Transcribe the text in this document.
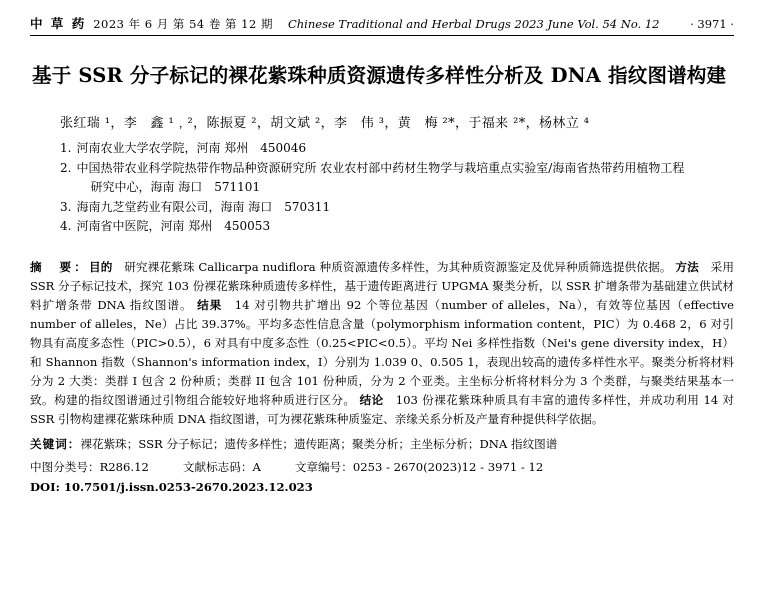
中 草 药 2023 年 6 月 第 54 卷 第 12 期 Chinese Traditional and Herbal Drugs 2023 June Vol. 54 No. 12	· 3971 ·
基于 SSR 分子标记的裸花紫珠种质资源遗传多样性分析及 DNA 指纹图谱构建
张红瑞 ¹，李　鑫 ¹﹐²，陈振夏 ²，胡文斌 ²，李　伟 ³，黄　梅 ²*，于福来 ²*，杨林立 ⁴
1. 河南农业大学农学院，河南 郑州　450046
2. 中国热带农业科学院热带作物品种资源研究所 农业农村部中药材生物学与栽培重点实验室/海南省热带药用植物工程
研究中心，海南 海口　571101
3. 海南九芝堂药业有限公司，海南 海口　570311
4. 河南省中医院，河南 郑州　450053
摘　要：目的　 研究裸花紫珠 Callicarpa nudiflora 种质资源遗传多样性，为其种质资源鉴定及优异种质筛选提供依据。 方法　 采用 SSR 分子标记技术，探究 103 份裸花紫珠种质遗传多样性，基于遗传距离进行 UPGMA 聚类分析，以 SSR 扩增条带为基础建立供试材料扩增条带 DNA 指纹图谱。 结果　 14 对引物共扩增出 92 个等位基因（number of alleles，Na），有效等位基因（effective number of alleles，Ne）占比 39.37%。平均多态性信息含量（polymorphism information content，PIC）为 0.468 2，6 对引物具有高度多态性（PIC>0.5），6 对具有中度多态性（0.25<PIC<0.5）。平均 Nei 多样性指数（Nei's gene diversity index，H）和 Shannon 指数（Shannon's information index，I）分别为 1.039 0、0.505 1，表现出较高的遗传多样性水平。聚类分析将材料分为 2 大类：类群 I 包含 2 份种质；类群 II 包含 101 份种质，分为 2 个亚类。主坐标分析将材料分为 3 个类群，与聚类结果基本一致。构建的指纹图谱通过引物组合能较好地将种质进行区分。 结论　 103 份裸花紫珠种质具有丰富的遗传多样性，并成功利用 14 对 SSR 引物构建裸花紫珠种质 DNA 指纹图谱，可为裸花紫珠种质鉴定、亲缘关系分析及产量育种提供科学依据。
关键词：裸花紫珠；SSR 分子标记；遗传多样性；遗传距离；聚类分析；主坐标分析；DNA 指纹图谱
中图分类号：R286.12	文献标志码：A	文章编号：0253 - 2670(2023)12 - 3971 - 12
DOI: 10.7501/j.issn.0253-2670.2023.12.023
